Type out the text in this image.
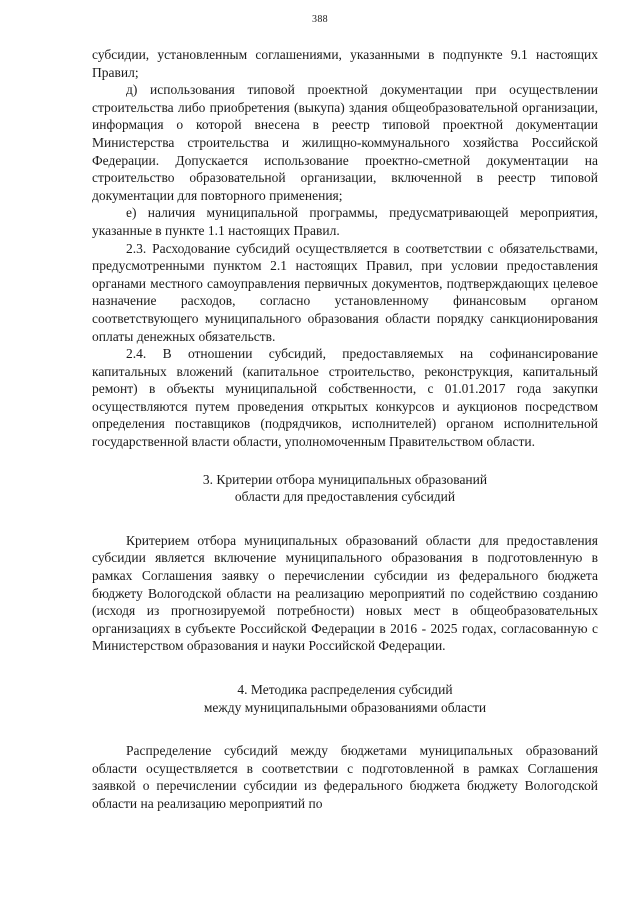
388

субсидии, установленным соглашениями, указанными в подпункте 9.1 настоящих Правил;

д) использования типовой проектной документации при осуществлении строительства либо приобретения (выкупа) здания общеобразовательной организации, информация о которой внесена в реестр типовой проектной документации Министерства строительства и жилищно-коммунального хозяйства Российской Федерации. Допускается использование проектно-сметной документации на строительство образовательной организации, включенной в реестр типовой документации для повторного применения;

е) наличия муниципальной программы, предусматривающей мероприятия, указанные в пункте 1.1 настоящих Правил.

2.3. Расходование субсидий осуществляется в соответствии с обязательствами, предусмотренными пунктом 2.1 настоящих Правил, при условии предоставления органами местного самоуправления первичных документов, подтверждающих целевое назначение расходов, согласно установленному финансовым органом соответствующего муниципального образования области порядку санкционирования оплаты денежных обязательств.

2.4. В отношении субсидий, предоставляемых на софинансирование капитальных вложений (капитальное строительство, реконструкция, капитальный ремонт) в объекты муниципальной собственности, с 01.01.2017 года закупки осуществляются путем проведения открытых конкурсов и аукционов посредством определения поставщиков (подрядчиков, исполнителей) органом исполнительной государственной власти области, уполномоченным Правительством области.

3. Критерии отбора муниципальных образований

области для предоставления субсидий

Критерием отбора муниципальных образований области для предоставления субсидии является включение муниципального образования в подготовленную в рамках Соглашения заявку о перечислении субсидии из федерального бюджета бюджету Вологодской области на реализацию мероприятий по содействию созданию (исходя из прогнозируемой потребности) новых мест в общеобразовательных организациях в субъекте Российской Федерации в 2016 - 2025 годах, согласованную с Министерством образования и науки Российской Федерации.

4. Методика распределения субсидий

между муниципальными образованиями области

Распределение субсидий между бюджетами муниципальных образований области осуществляется в соответствии с подготовленной в рамках Соглашения заявкой о перечислении субсидии из федерального бюджета бюджету Вологодской области на реализацию мероприятий по
